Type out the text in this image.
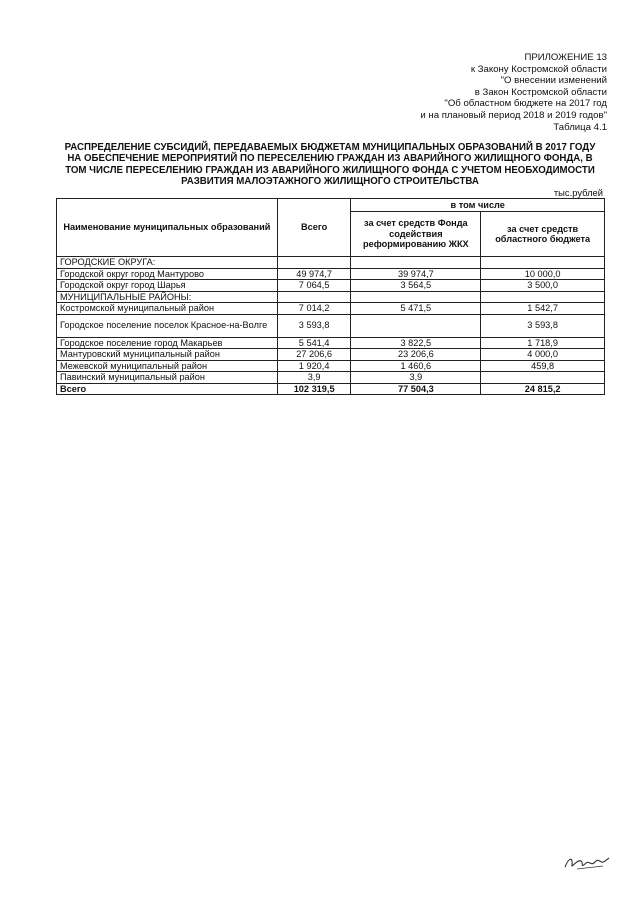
ПРИЛОЖЕНИЕ 13
к Закону Костромской области
"О внесении изменений
в Закон Костромской области
"Об областном бюджете на 2017 год
и на плановый период 2018 и 2019 годов"
Таблица 4.1
РАСПРЕДЕЛЕНИЕ СУБСИДИЙ, ПЕРЕДАВАЕМЫХ БЮДЖЕТАМ МУНИЦИПАЛЬНЫХ ОБРАЗОВАНИЙ В 2017 ГОДУ
НА ОБЕСПЕЧЕНИЕ МЕРОПРИЯТИЙ ПО ПЕРЕСЕЛЕНИЮ ГРАЖДАН ИЗ АВАРИЙНОГО ЖИЛИЩНОГО ФОНДА, В
ТОМ ЧИСЛЕ ПЕРЕСЕЛЕНИЮ ГРАЖДАН ИЗ АВАРИЙНОГО ЖИЛИЩНОГО ФОНДА С УЧЕТОМ НЕОБХОДИМОСТИ
РАЗВИТИЯ МАЛОЭТАЖНОГО ЖИЛИЩНОГО СТРОИТЕЛЬСТВА
тыс.рублей
Наименование муниципальных образований	Всего	в том числе	
		за счет средств Фонда содействия реформированию ЖКХ	за счет средств областного бюджета
ГОРОДСКИЕ ОКРУГА:			
Городской округ город Мантурово	49 974,7	39 974,7	10 000,0
Городской округ город Шарья	7 064,5	3 564,5	3 500,0
МУНИЦИПАЛЬНЫЕ РАЙОНЫ:			
Костромской муниципальный район	7 014,2	5 471,5	1 542,7
Городское поселение поселок Красное-на-Волге	3 593,8		3 593,8
Городское поселение город Макарьев	5 541,4	3 822,5	1 718,9
Мантуровский муниципальный район	27 206,6	23 206,6	4 000,0
Межевской муниципальный район	1 920,4	1 460,6	459,8
Павинский муниципальный район	3,9	3,9	
Всего	102 319,5	77 504,3	24 815,2
